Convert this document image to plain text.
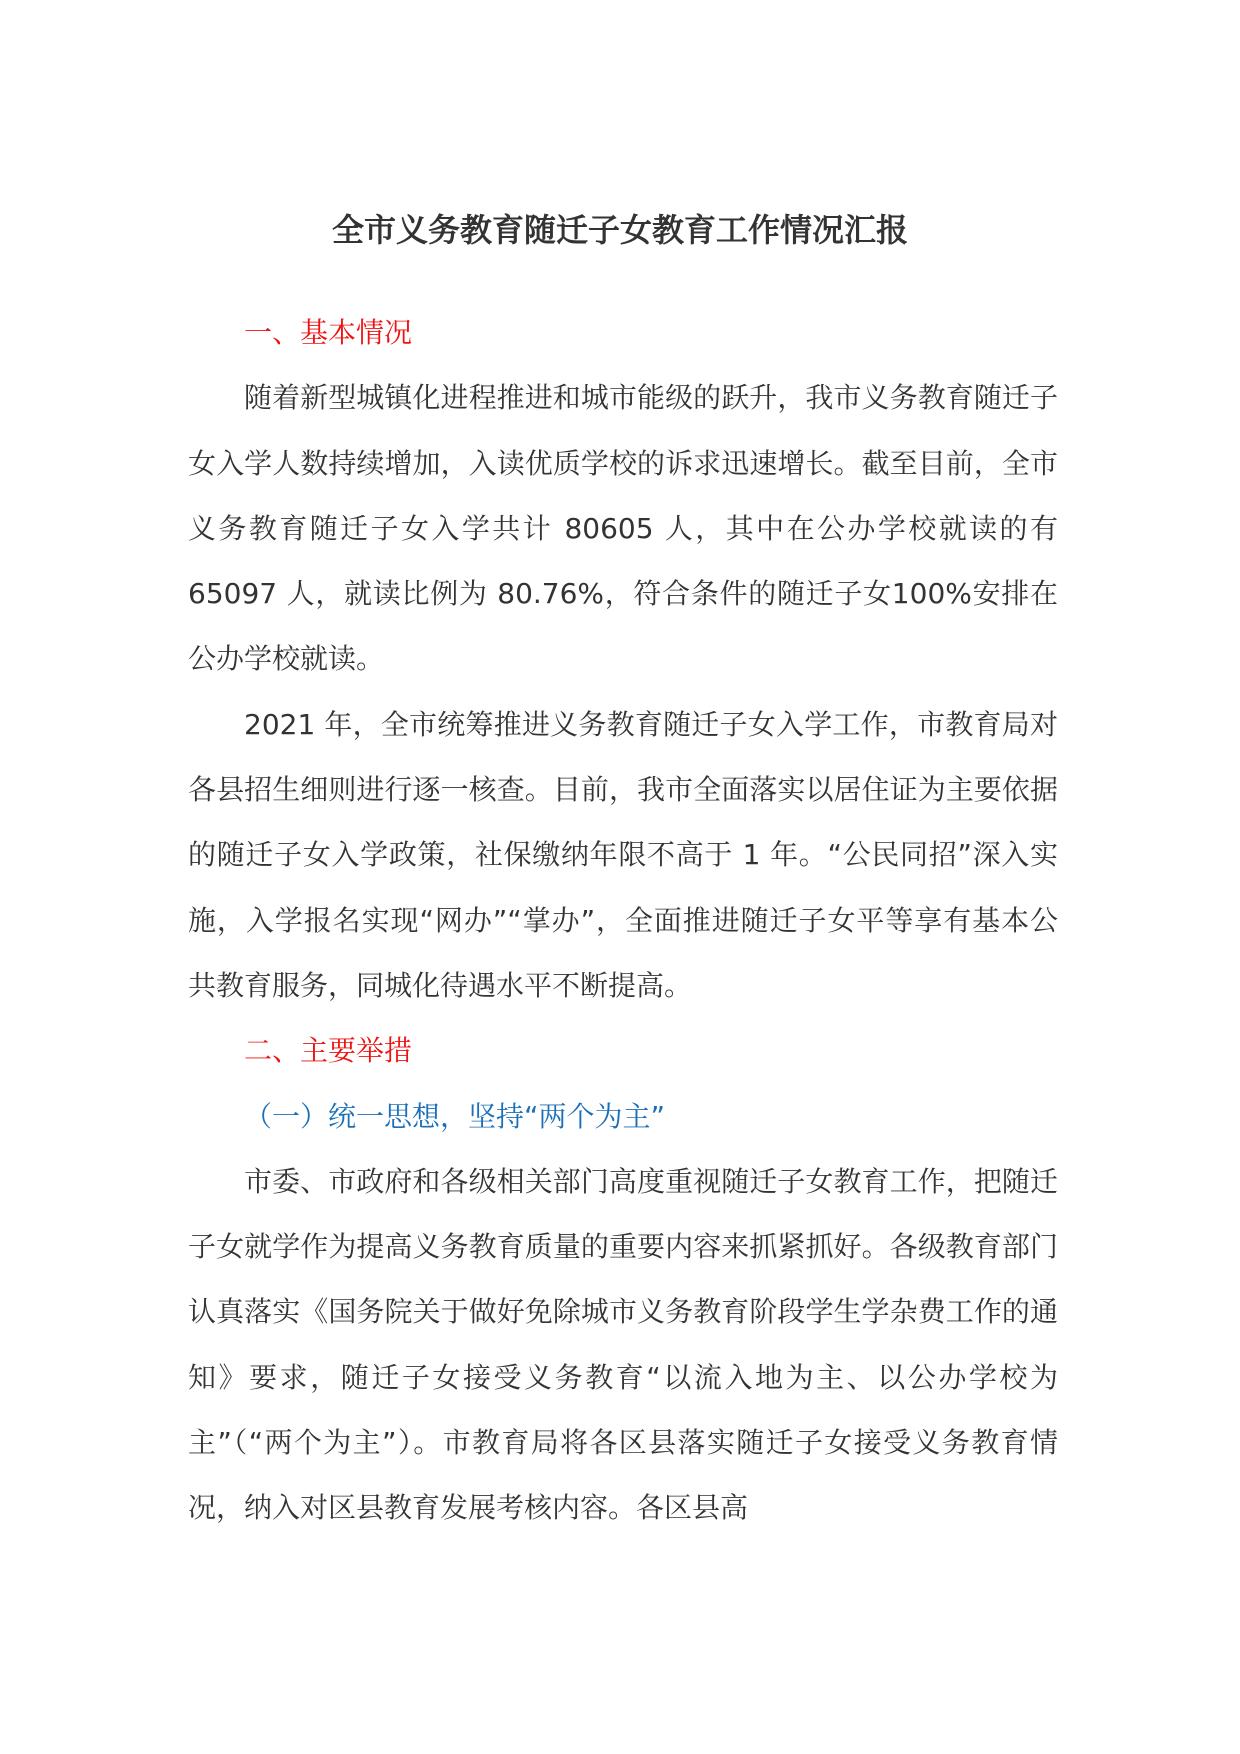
全市义务教育随迁子女教育工作情况汇报

一、基本情况

随着新型城镇化进程推进和城市能级的跃升，我市义务教育随迁子女入学人数持续增加，入读优质学校的诉求迅速增长。截至目前，全市义务教育随迁子女入学共计 80605 人，其中在公办学校就读的有 65097 人，就读比例为 80.76%，符合条件的随迁子女100%安排在公办学校就读。

2021 年，全市统筹推进义务教育随迁子女入学工作，市教育局对各县招生细则进行逐一核查。目前，我市全面落实以居住证为主要依据的随迁子女入学政策，社保缴纳年限不高于 1 年。“公民同招”深入实施，入学报名实现“网办”“掌办”，全面推进随迁子女平等享有基本公共教育服务，同城化待遇水平不断提高。

二、主要举措

（一）统一思想，坚持“两个为主”

市委、市政府和各级相关部门高度重视随迁子女教育工作，把随迁子女就学作为提高义务教育质量的重要内容来抓紧抓好。各级教育部门认真落实《国务院关于做好免除城市义务教育阶段学生学杂费工作的通知》要求，随迁子女接受义务教育“以流入地为主、以公办学校为主”（“两个为主”）。市教育局将各区县落实随迁子女接受义务教育情况，纳入对区县教育发展考核内容。各区县高
